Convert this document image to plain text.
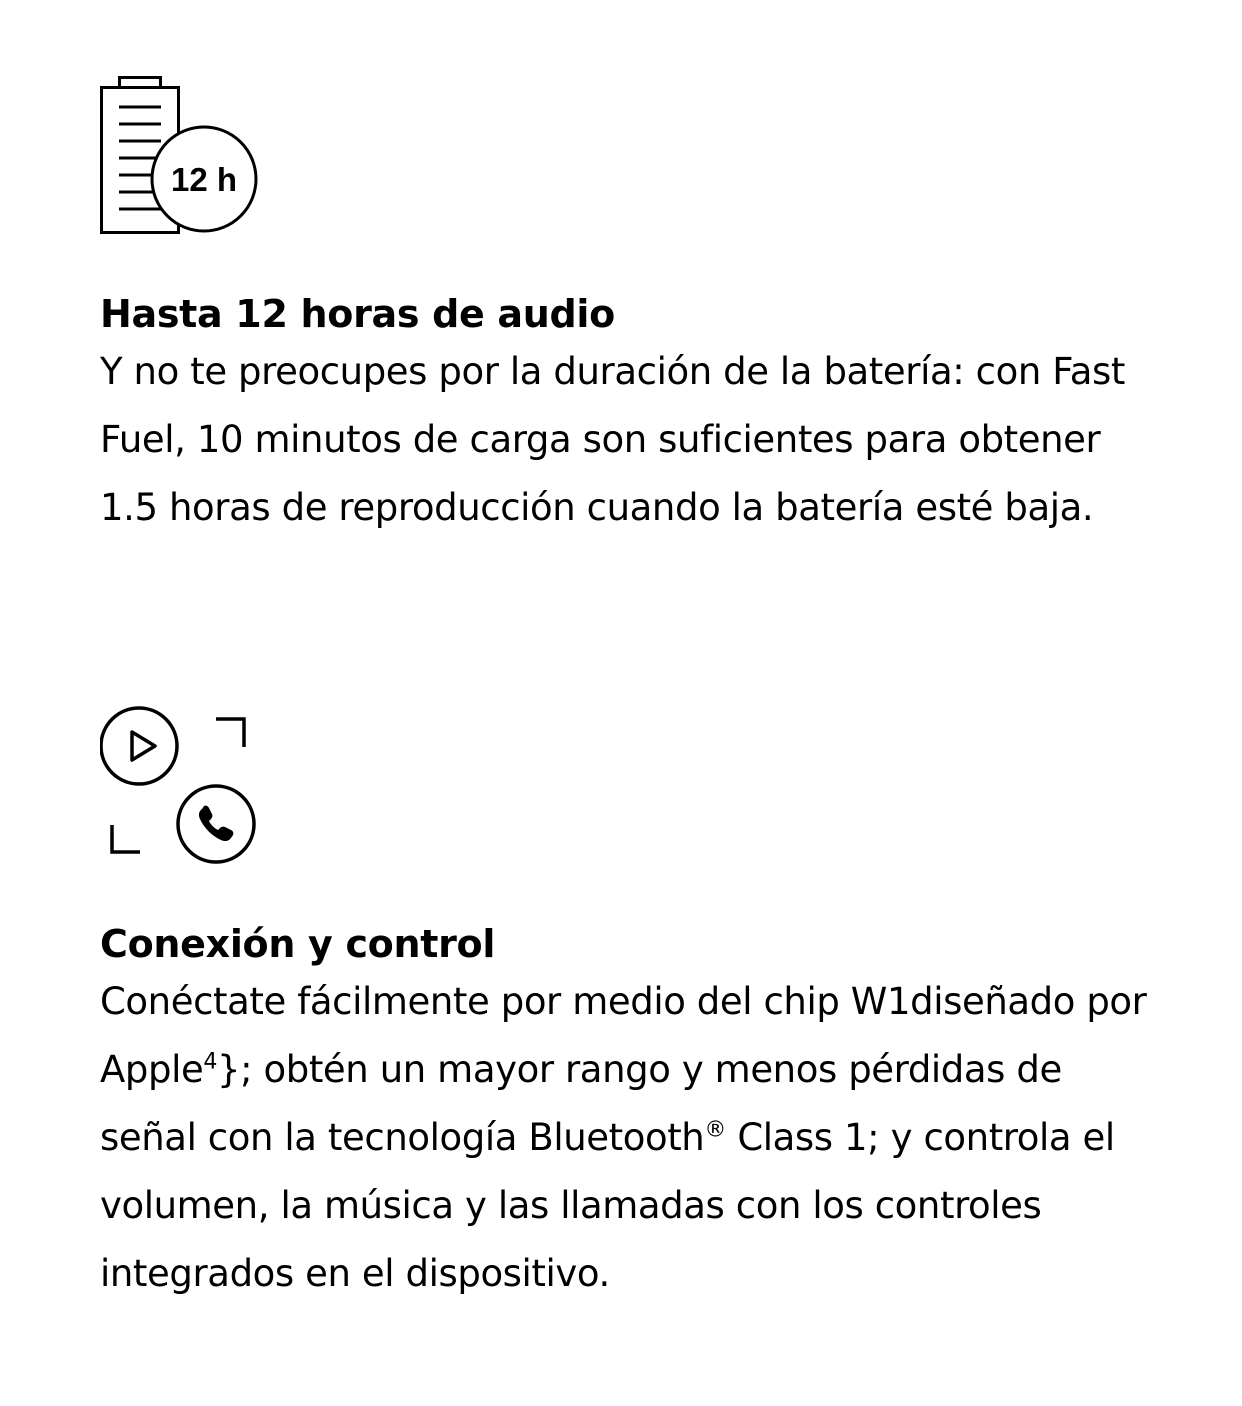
12 h
Hasta 12 horas de audio

Y no te preocupes por la duración de la batería: con Fast Fuel, 10 minutos de carga son suficientes para obtener 1.5 horas de reproducción cuando la batería esté baja.

Conexión y control

Conéctate fácilmente por medio del chip W1diseñado por Apple$^4$}; obtén un mayor rango y menos pérdidas de señal con la tecnología Bluetooth® Class 1; y controla el volumen, la música y las llamadas con los controles integrados en el dispositivo.
